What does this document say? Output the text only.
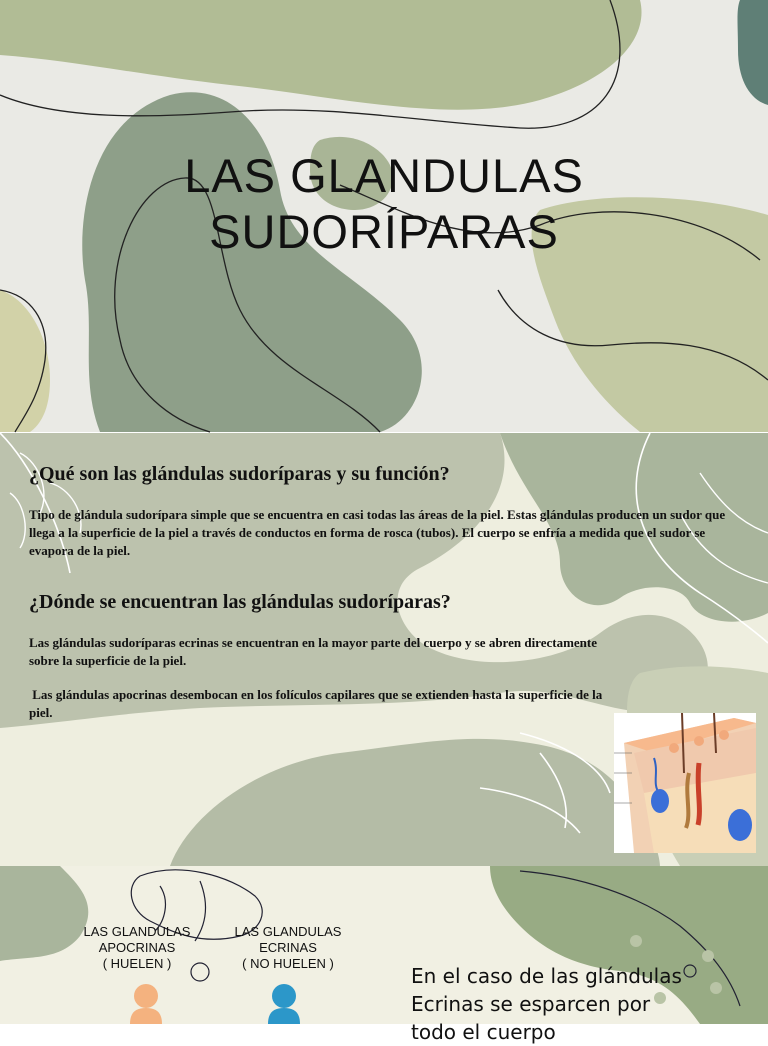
LAS GLANDULAS
SUDORÍPARAS
¿Qué son las glándulas sudoríparas y su función?
Tipo de glándula sudorípara simple que se encuentra en casi todas las áreas de la piel. Estas glándulas producen un sudor que llega a la superficie de la piel a través de conductos en forma de rosca (tubos). El cuerpo se enfría a medida que el sudor se evapora de la piel.
¿Dónde se encuentran las glándulas sudoríparas?
Las glándulas sudoríparas ecrinas se encuentran en la mayor parte del cuerpo y se abren directamente sobre la superficie de la piel.
Las glándulas apocrinas desembocan en los folículos capilares que se extienden hasta la superficie de la piel.
LAS GLANDULAS
APOCRINAS
( HUELEN )
LAS GLANDULAS
ECRINAS
( NO HUELEN )
En el caso de las glándulas
Ecrinas se esparcen por
todo el cuerpo
